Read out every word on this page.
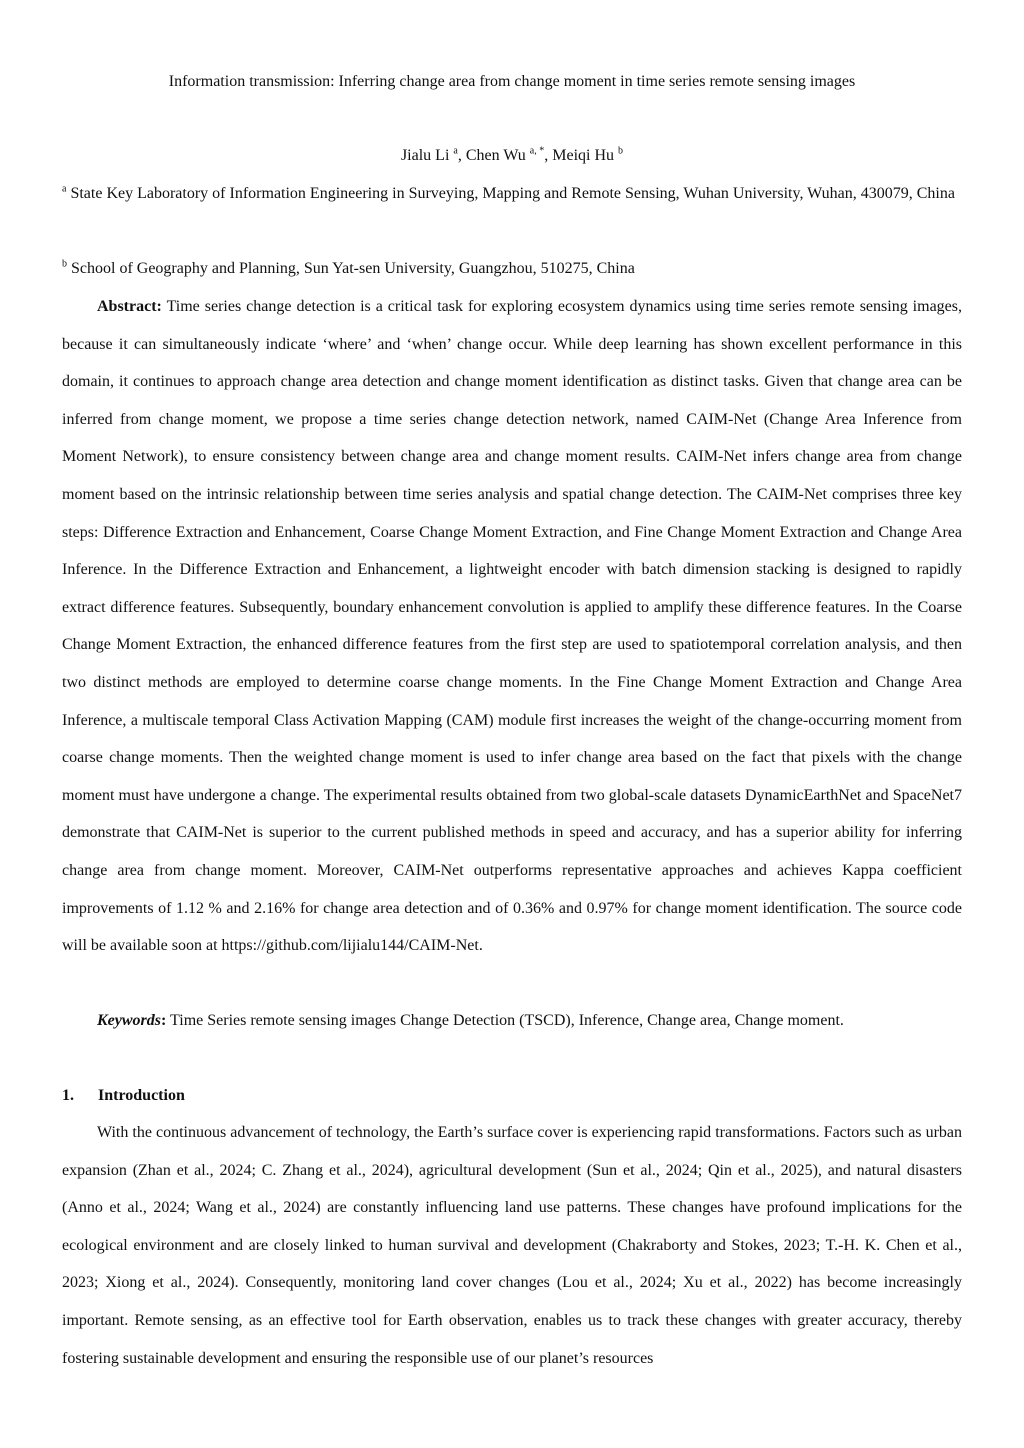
Information transmission: Inferring change area from change moment in time series remote sensing images
Jialu Li $^a$, Chen Wu $^{a, *}$, Meiqi Hu $^b$
$^a$ State Key Laboratory of Information Engineering in Surveying, Mapping and Remote Sensing, Wuhan University, Wuhan, 430079, China
$^b$ School of Geography and Planning, Sun Yat-sen University, Guangzhou, 510275, China

Abstract: Time series change detection is a critical task for exploring ecosystem dynamics using time series remote sensing images, because it can simultaneously indicate ‘where’ and ‘when’ change occur. While deep learning has shown excellent performance in this domain, it continues to approach change area detection and change moment identification as distinct tasks. Given that change area can be inferred from change moment, we propose a time series change detection network, named CAIM-Net (Change Area Inference from Moment Network), to ensure consistency between change area and change moment results. CAIM-Net infers change area from change moment based on the intrinsic relationship between time series analysis and spatial change detection. The CAIM-Net comprises three key steps: Difference Extraction and Enhancement, Coarse Change Moment Extraction, and Fine Change Moment Extraction and Change Area Inference. In the Difference Extraction and Enhancement, a lightweight encoder with batch dimension stacking is designed to rapidly extract difference features. Subsequently, boundary enhancement convolution is applied to amplify these difference features. In the Coarse Change Moment Extraction, the enhanced difference features from the first step are used to spatiotemporal correlation analysis, and then two distinct methods are employed to determine coarse change moments. In the Fine Change Moment Extraction and Change Area Inference, a multiscale temporal Class Activation Mapping (CAM) module first increases the weight of the change-occurring moment from coarse change moments. Then the weighted change moment is used to infer change area based on the fact that pixels with the change moment must have undergone a change. The experimental results obtained from two global-scale datasets DynamicEarthNet and SpaceNet7 demonstrate that CAIM-Net is superior to the current published methods in speed and accuracy, and has a superior ability for inferring change area from change moment. Moreover, CAIM-Net outperforms representative approaches and achieves Kappa coefficient improvements of 1.12 % and 2.16% for change area detection and of 0.36% and 0.97% for change moment identification. The source code will be available soon at https://github.com/lijialu144/CAIM-Net.

Keywords: Time Series remote sensing images Change Detection (TSCD), Inference, Change area, Change moment.

1. Introduction

With the continuous advancement of technology, the Earth’s surface cover is experiencing rapid transformations. Factors such as urban expansion (Zhan et al., 2024; C. Zhang et al., 2024), agricultural development (Sun et al., 2024; Qin et al., 2025), and natural disasters (Anno et al., 2024; Wang et al., 2024) are constantly influencing land use patterns. These changes have profound implications for the ecological environment and are closely linked to human survival and development (Chakraborty and Stokes, 2023; T.-H. K. Chen et al., 2023; Xiong et al., 2024). Consequently, monitoring land cover changes (Lou et al., 2024; Xu et al., 2022) has become increasingly important. Remote sensing, as an effective tool for Earth observation, enables us to track these changes with greater accuracy, thereby fostering sustainable development and ensuring the responsible use of our planet’s resources
